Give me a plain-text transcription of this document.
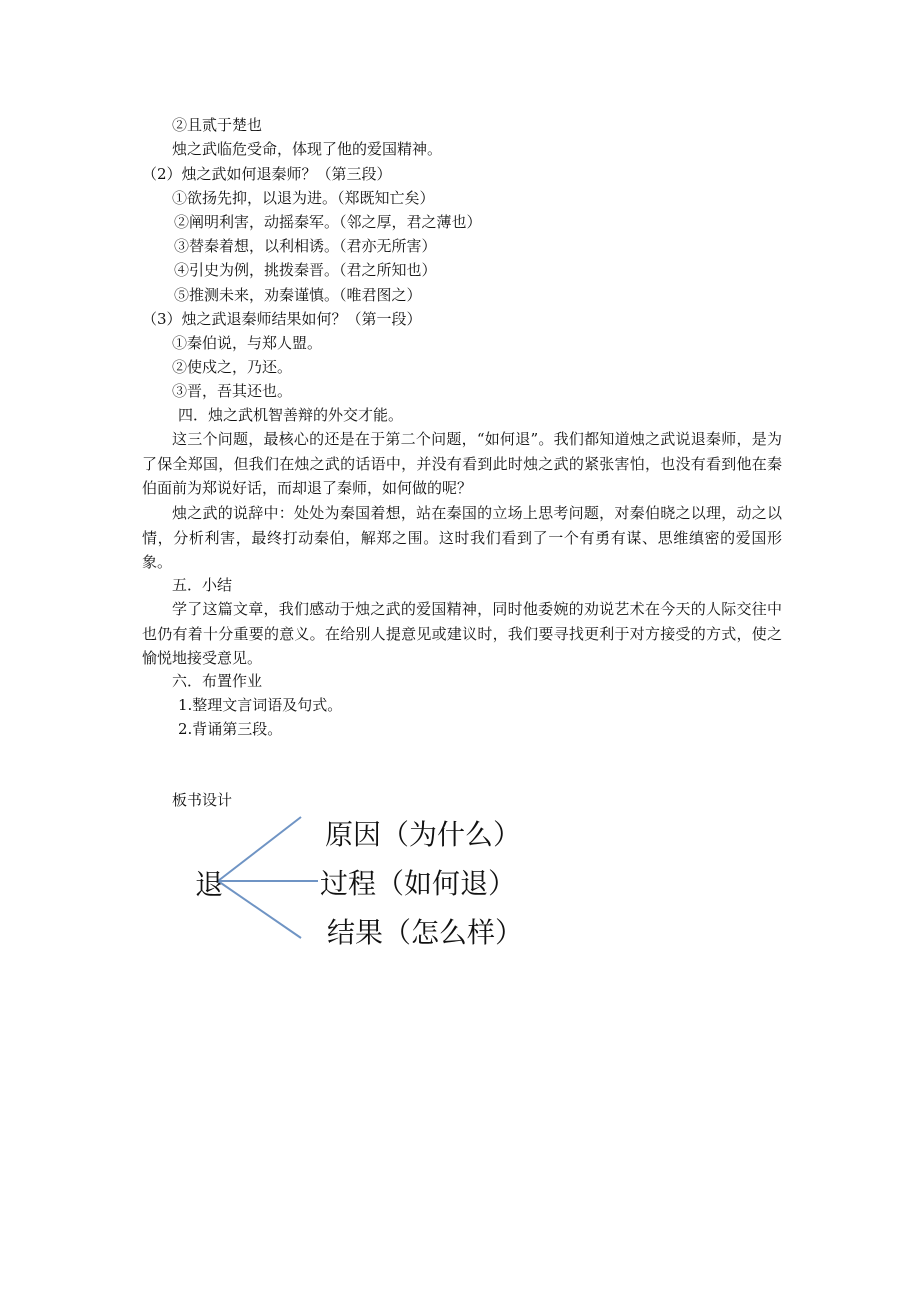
②且贰于楚也
烛之武临危受命，体现了他的爱国精神。
（2）烛之武如何退秦师？（第三段）
①欲扬先抑，以退为进。（郑既知亡矣）
②阐明利害，动摇秦军。（邻之厚，君之薄也）
③替秦着想，以利相诱。（君亦无所害）
④引史为例，挑拨秦晋。（君之所知也）
⑤推测未来，劝秦谨慎。（唯君图之）
（3）烛之武退秦师结果如何？（第一段）
①秦伯说，与郑人盟。
②使戍之，乃还。
③晋，吾其还也。
四．烛之武机智善辩的外交才能。
这三个问题，最核心的还是在于第二个问题，“如何退”。我们都知道烛之武说退秦师，是为了保全郑国，但我们在烛之武的话语中，并没有看到此时烛之武的紧张害怕，也没有看到他在秦伯面前为郑说好话，而却退了秦师，如何做的呢？
烛之武的说辞中：处处为秦国着想，站在秦国的立场上思考问题，对秦伯晓之以理，动之以情，分析利害，最终打动秦伯，解郑之围。这时我们看到了一个有勇有谋、思维缜密的爱国形象。
五．小结
学了这篇文章，我们感动于烛之武的爱国精神，同时他委婉的劝说艺术在今天的人际交往中也仍有着十分重要的意义。在给别人提意见或建议时，我们要寻找更利于对方接受的方式，使之愉悦地接受意见。
六．布置作业
1.整理文言词语及句式。
2.背诵第三段。
板书设计
退
原因（为什么）
过程（如何退）
结果（怎么样）
